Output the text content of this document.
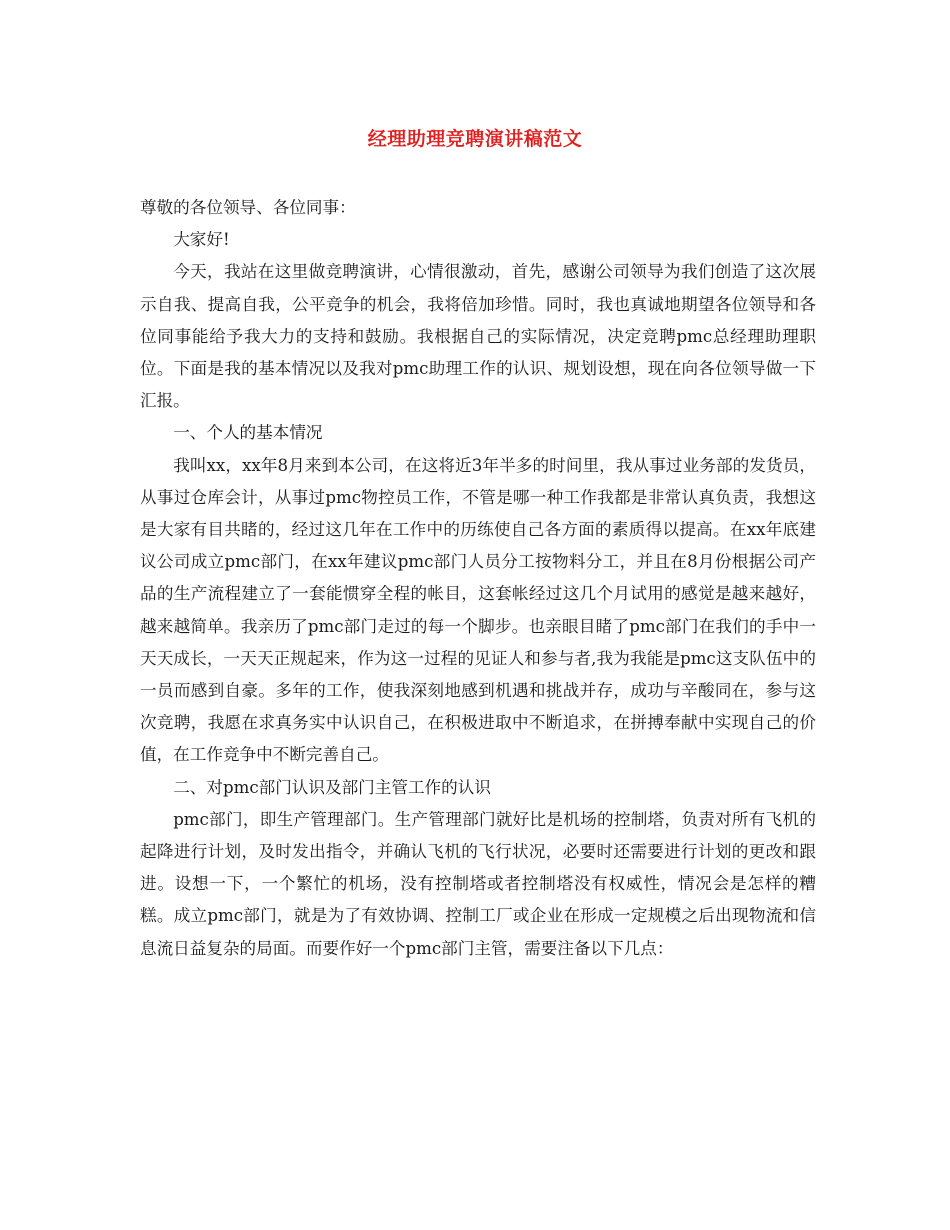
经理助理竞聘演讲稿范文

尊敬的各位领导、各位同事：

大家好!

今天，我站在这里做竞聘演讲，心情很激动，首先，感谢公司领导为我们创造了这次展示自我、提高自我，公平竞争的机会，我将倍加珍惜。同时，我也真诚地期望各位领导和各位同事能给予我大力的支持和鼓励。我根据自己的实际情况，决定竞聘pmc总经理助理职位。下面是我的基本情况以及我对pmc助理工作的认识、规划设想，现在向各位领导做一下汇报。

一、个人的基本情况

我叫xx，xx年8月来到本公司，在这将近3年半多的时间里，我从事过业务部的发货员，从事过仓库会计，从事过pmc物控员工作，不管是哪一种工作我都是非常认真负责，我想这是大家有目共睹的，经过这几年在工作中的历练使自己各方面的素质得以提高。在xx年底建议公司成立pmc部门，在xx年建议pmc部门人员分工按物料分工，并且在8月份根据公司产品的生产流程建立了一套能惯穿全程的帐目，这套帐经过这几个月试用的感觉是越来越好，越来越简单。我亲历了pmc部门走过的每一个脚步。也亲眼目睹了pmc部门在我们的手中一天天成长，一天天正规起来，作为这一过程的见证人和参与者,我为我能是pmc这支队伍中的一员而感到自豪。多年的工作，使我深刻地感到机遇和挑战并存，成功与辛酸同在，参与这次竞聘，我愿在求真务实中认识自己，在积极进取中不断追求，在拼搏奉献中实现自己的价值，在工作竞争中不断完善自己。

二、对pmc部门认识及部门主管工作的认识

pmc部门，即生产管理部门。生产管理部门就好比是机场的控制塔，负责对所有飞机的起降进行计划，及时发出指令，并确认飞机的飞行状况，必要时还需要进行计划的更改和跟进。设想一下，一个繁忙的机场，没有控制塔或者控制塔没有权威性，情况会是怎样的糟糕。成立pmc部门，就是为了有效协调、控制工厂或企业在形成一定规模之后出现物流和信息流日益复杂的局面。而要作好一个pmc部门主管，需要注备以下几点：
